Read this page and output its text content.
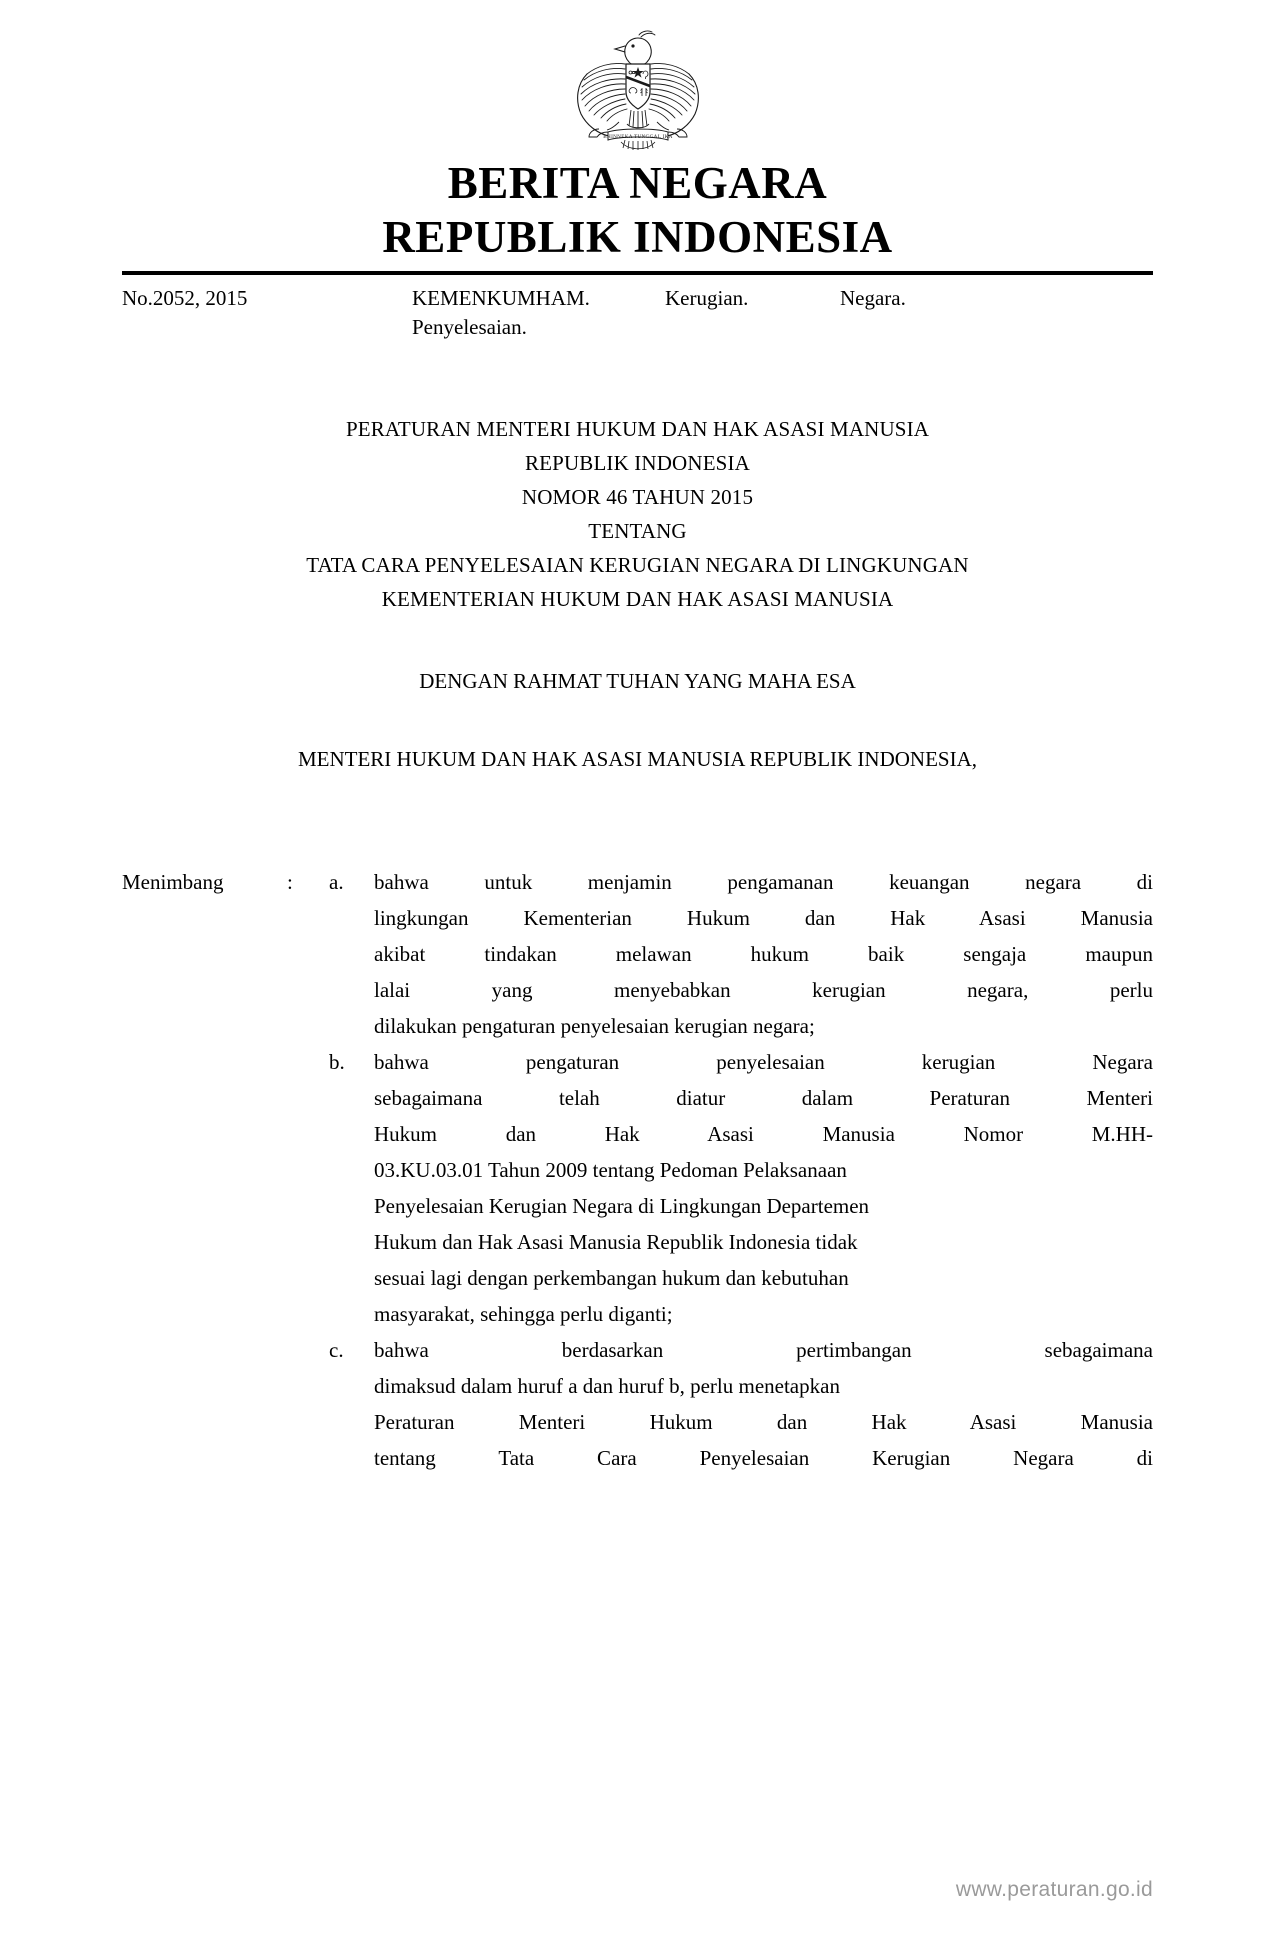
BHINNEKA TUNGGAL IKA
BERITA NEGARA
REPUBLIK INDONESIA
No.2052, 2015	KEMENKUMHAM.	Kerugian.	Negara.
Penyelesaian.
PERATURAN MENTERI HUKUM DAN HAK ASASI MANUSIA
REPUBLIK INDONESIA
NOMOR 46 TAHUN 2015
TENTANG
TATA CARA PENYELESAIAN KERUGIAN NEGARA DI LINGKUNGAN
KEMENTERIAN HUKUM DAN HAK ASASI MANUSIA
DENGAN RAHMAT TUHAN YANG MAHA ESA
MENTERI HUKUM DAN HAK ASASI MANUSIA REPUBLIK INDONESIA,
Menimbang	:	a.	bahwa untuk menjamin pengamanan keuangan negara di
lingkungan Kementerian Hukum dan Hak Asasi Manusia
akibat tindakan melawan hukum baik sengaja maupun
lalai yang menyebabkan kerugian negara, perlu
dilakukan pengaturan penyelesaian kerugian negara;
b.	bahwa pengaturan penyelesaian kerugian Negara
sebagaimana telah diatur dalam Peraturan Menteri
Hukum dan Hak Asasi Manusia Nomor M.HH-
03.KU.03.01 Tahun 2009 tentang Pedoman Pelaksanaan
Penyelesaian Kerugian Negara di Lingkungan Departemen
Hukum dan Hak Asasi Manusia Republik Indonesia tidak
sesuai lagi dengan perkembangan hukum dan kebutuhan
masyarakat, sehingga perlu diganti;
c.	bahwa berdasarkan pertimbangan sebagaimana
dimaksud dalam huruf a dan huruf b, perlu menetapkan
Peraturan Menteri Hukum dan Hak Asasi Manusia
tentang Tata Cara Penyelesaian Kerugian Negara di
www.peraturan.go.id
